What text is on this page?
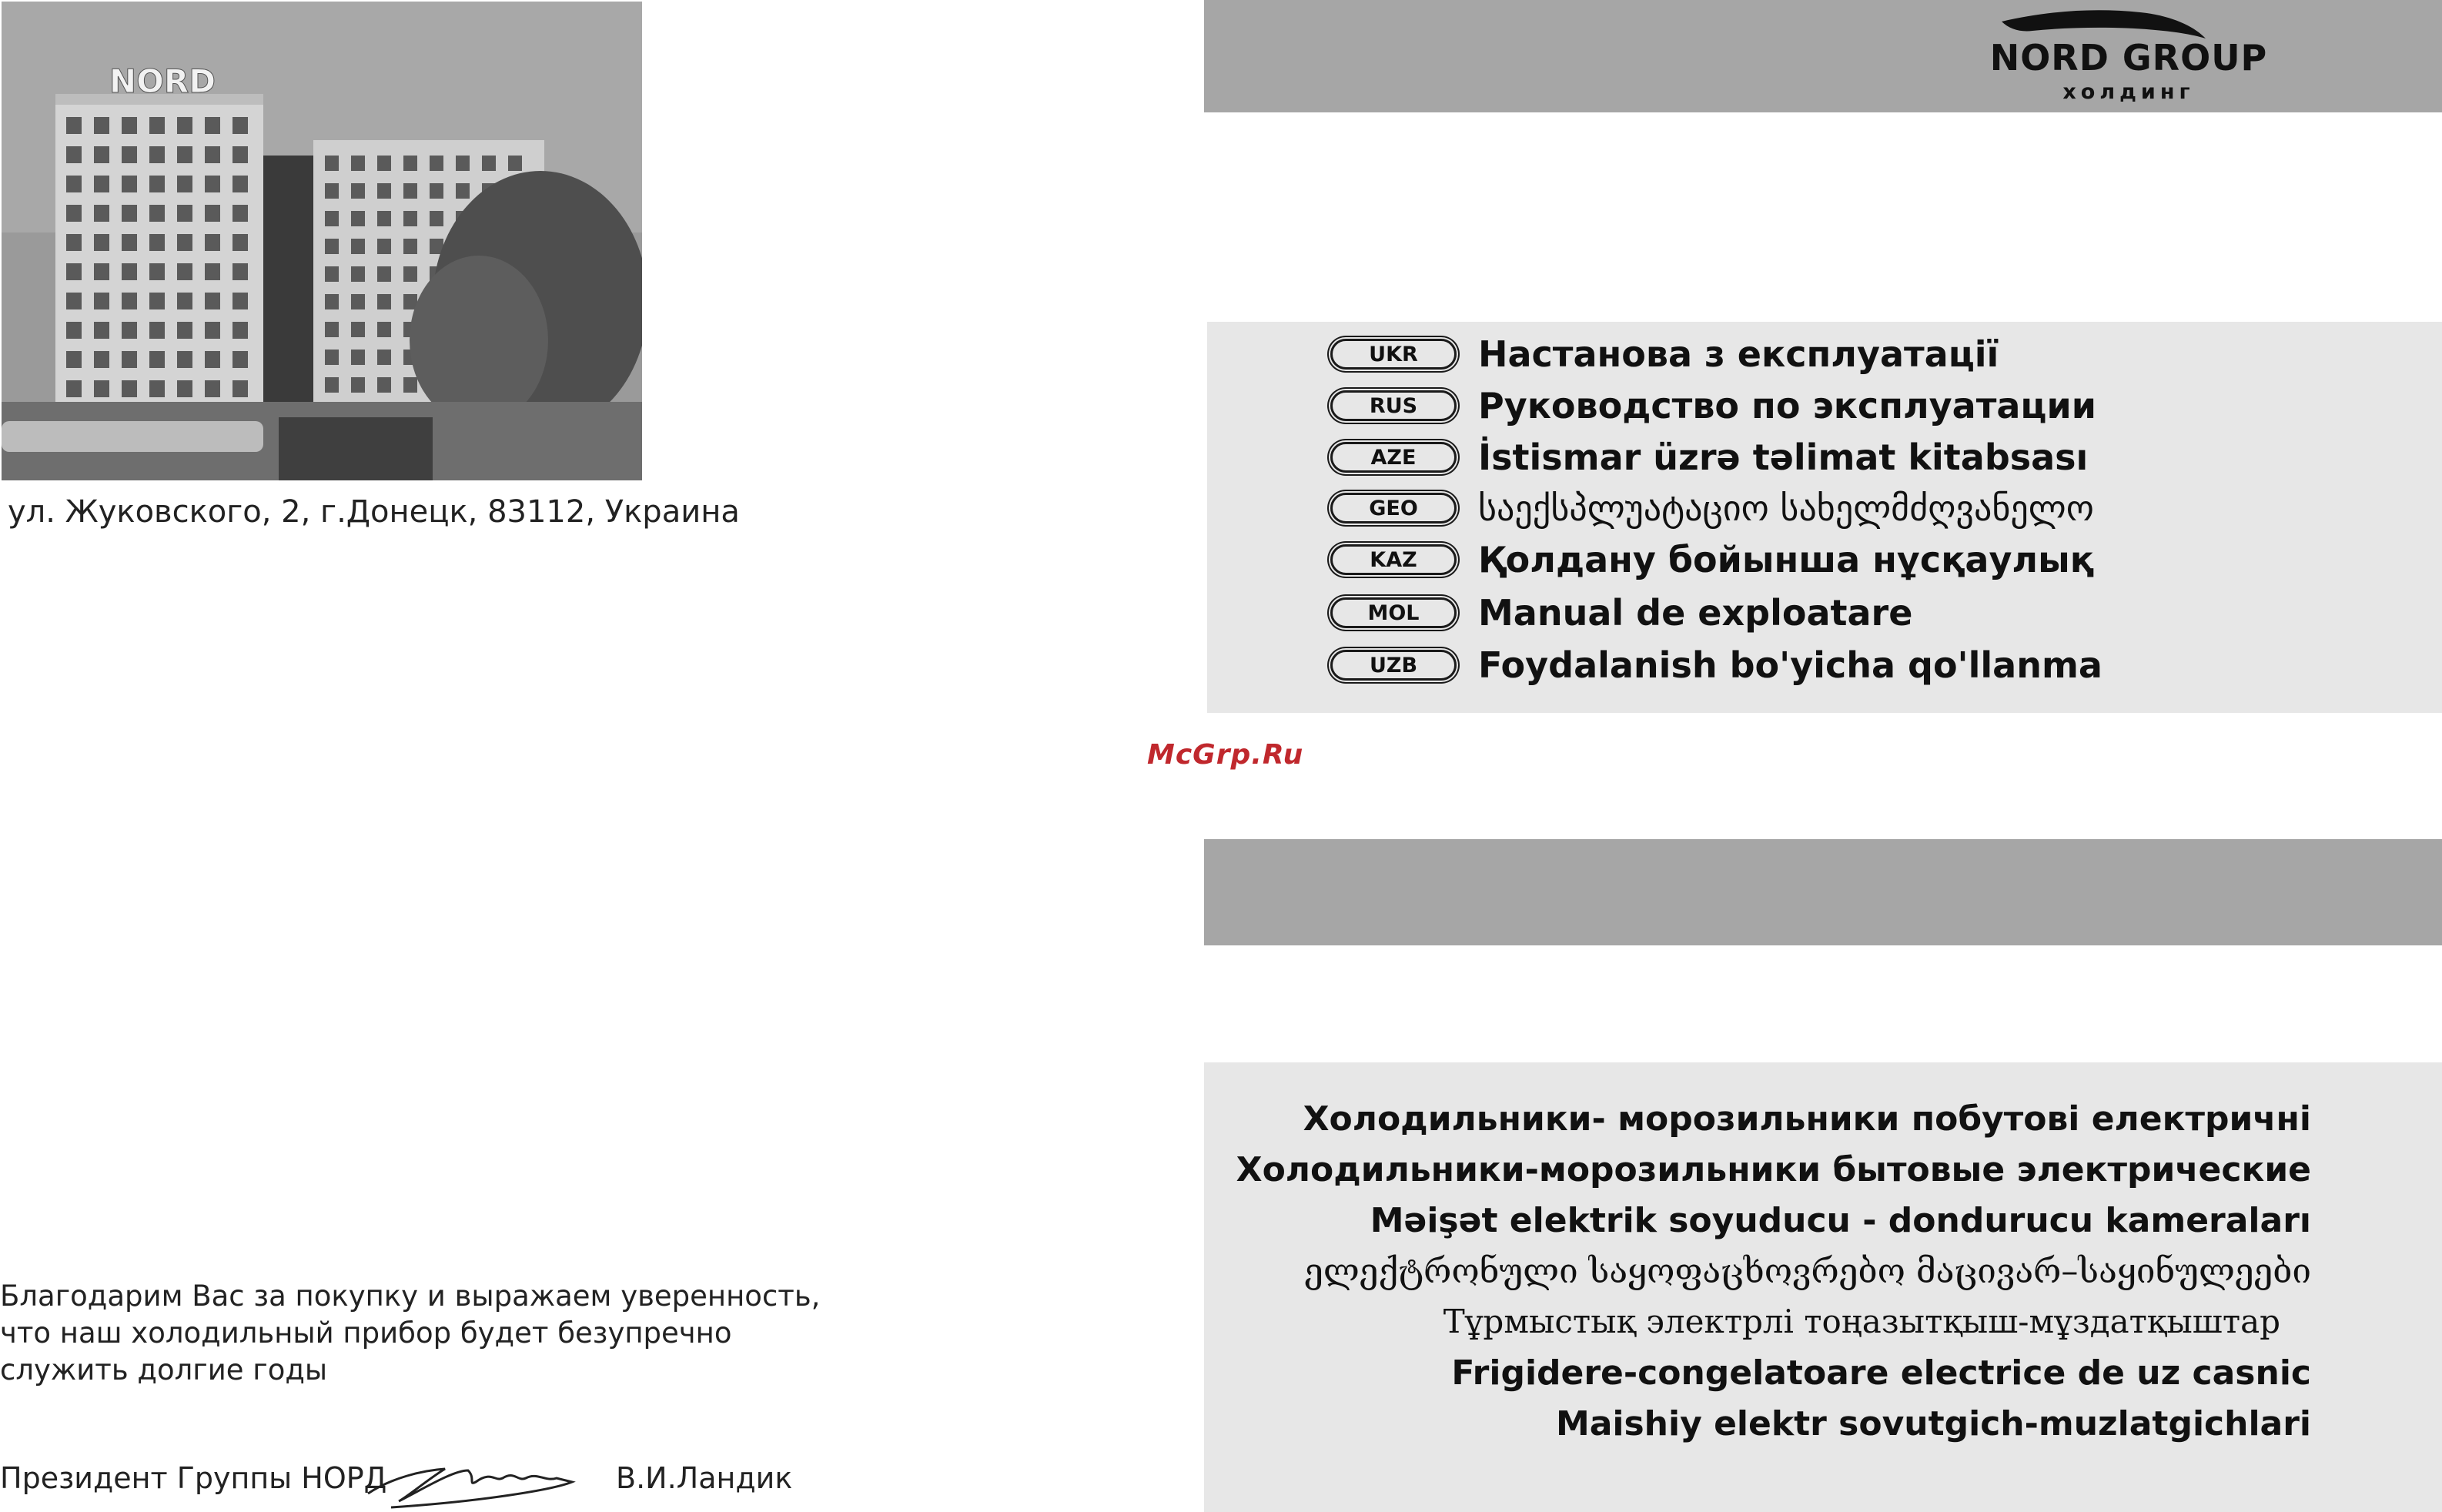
NORD
ул. Жуковского, 2, г.Донецк, 83112, Украина
Благодарим Вас за покупку и выражаем уверенность,
что наш холодильный прибор будет безупречно
служить долгие годы
Президент Группы НОРД	В.И.Ландик
NORD GROUP
холдинг
UKR	Настанова з експлуатації
RUS	Руководство по эксплуатации
AZE	İstismar üzrə təlimat kitabsası
GEO	საექსპლუატაციო სახელმძღვანელო
KAZ	Қолдану бойынша нұсқаулық
MOL	Manual de exploatare
UZB	Foydalanish bo'yicha qo'llanma
McGrp.Ru
Холодильники- морозильники побутові електричні
Холодильники-морозильники бытовые электрические
Məişət elektrik soyuducu - dondurucu kameraları
ელექტრონული საყოფაცხოვრებო მაცივარ–საყინულეები
Тұрмыстық электрлі тоңазытқыш-мұздатқыштар
Frigidere-congelatoare electrice de uz casnic
Maishiy elektr sovutgich-muzlatgichlari
